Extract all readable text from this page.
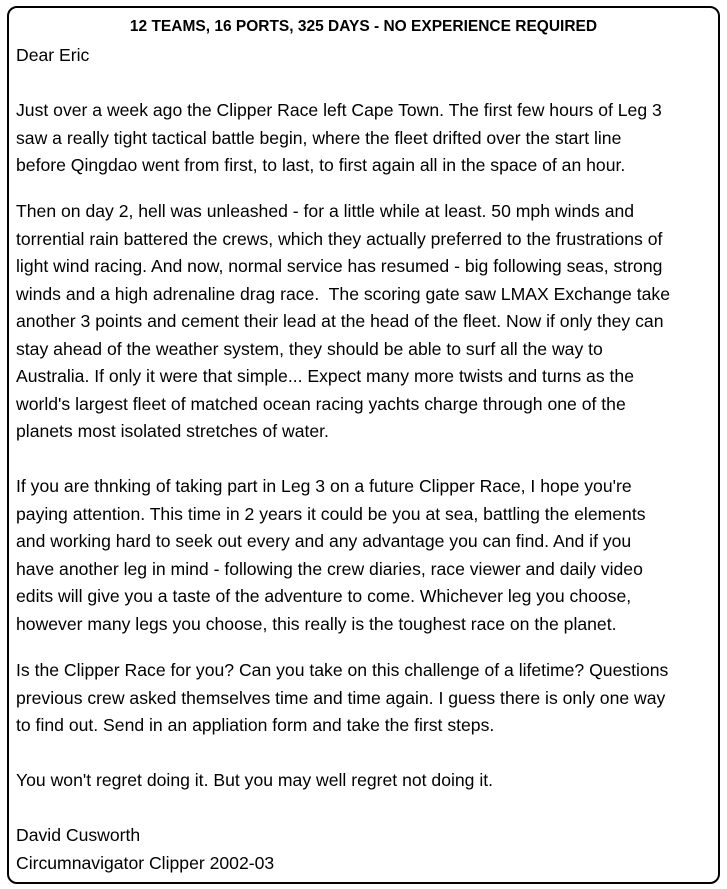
12 TEAMS, 16 PORTS, 325 DAYS - NO EXPERIENCE REQUIRED

Dear Eric

Just over a week ago the Clipper Race left Cape Town. The first few hours of Leg 3
saw a really tight tactical battle begin, where the fleet drifted over the start line
before Qingdao went from first, to last, to first again all in the space of an hour.

Then on day 2, hell was unleashed - for a little while at least. 50 mph winds and
torrential rain battered the crews, which they actually preferred to the frustrations of
light wind racing. And now, normal service has resumed - big following seas, strong
winds and a high adrenaline drag race.  The scoring gate saw LMAX Exchange take
another 3 points and cement their lead at the head of the fleet. Now if only they can
stay ahead of the weather system, they should be able to surf all the way to
Australia. If only it were that simple... Expect many more twists and turns as the
world's largest fleet of matched ocean racing yachts charge through one of the
planets most isolated stretches of water.

If you are thnking of taking part in Leg 3 on a future Clipper Race, I hope you're
paying attention. This time in 2 years it could be you at sea, battling the elements
and working hard to seek out every and any advantage you can find. And if you
have another leg in mind - following the crew diaries, race viewer and daily video
edits will give you a taste of the adventure to come. Whichever leg you choose,
however many legs you choose, this really is the toughest race on the planet.

Is the Clipper Race for you? Can you take on this challenge of a lifetime? Questions
previous crew asked themselves time and time again. I guess there is only one way
to find out. Send in an appliation form and take the first steps.

You won't regret doing it. But you may well regret not doing it.

David Cusworth
Circumnavigator Clipper 2002-03
